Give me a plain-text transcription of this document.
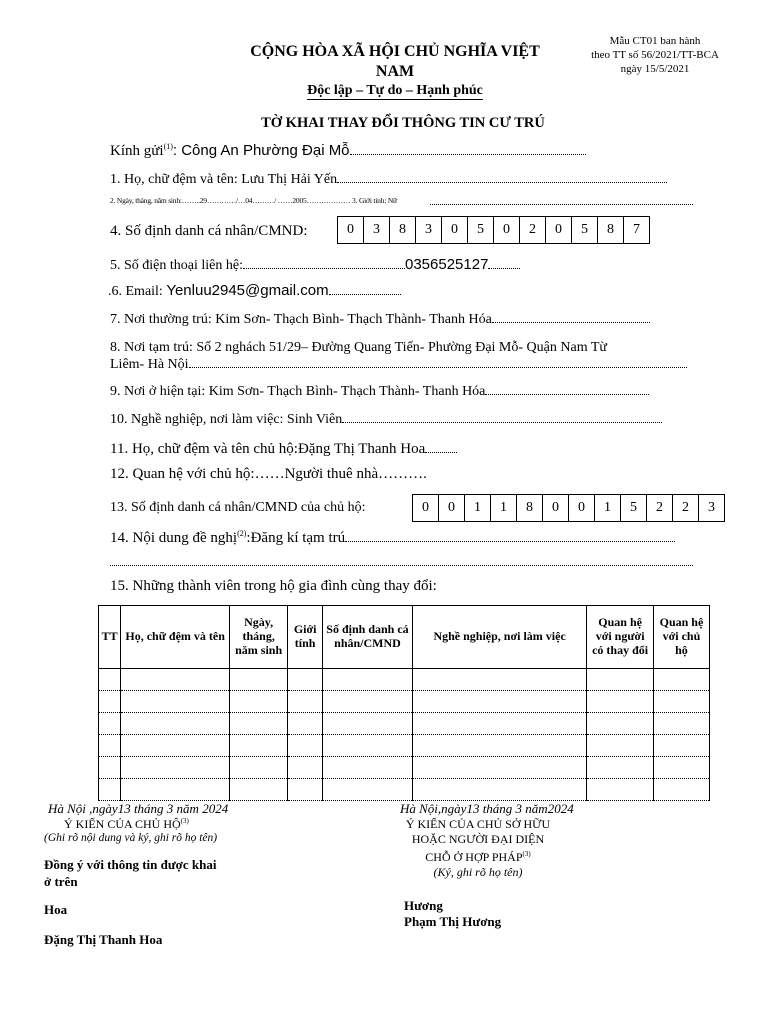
Mẫu CT01 ban hành
theo TT số 56/2021/TT-BCA
ngày 15/5/2021
CỘNG HÒA XÃ HỘI CHỦ NGHĨA VIỆT
NAM
Độc lập – Tự do – Hạnh phúc
TỜ KHAI THAY ĐỔI THÔNG TIN CƯ TRÚ
Kính gửi$^{(1)}$: Công An Phường Đại Mỗ
1. Họ, chữ đệm và tên: Lưu Thị Hải Yến
2. Ngày, tháng, năm sinh:……..29…………/…04………/ ……2005……………… 3. Giới tính: Nữ
4. Số định danh cá nhân/CMND:	0	3	8	3	0	5	0	2	0	5	8	7
5. Số điện thoại liên hệ:	0356525127
.6. Email: Yenluu2945@gmail.com
7. Nơi thường trú: Kim Sơn- Thạch Bình- Thạch Thành- Thanh Hóa
8. Nơi tạm trú: Số 2 nghách 51/29– Đường Quang Tiến- Phường Đại Mỗ- Quận Nam Từ
Liêm- Hà Nội
9. Nơi ở hiện tại: Kim Sơn- Thạch Bình- Thạch Thành- Thanh Hóa
10. Nghề nghiệp, nơi làm việc: Sinh Viên
11. Họ, chữ đệm và tên chủ hộ:Đặng Thị Thanh Hoa
12. Quan hệ với chủ hộ:……Người thuê nhà……….
13. Số định danh cá nhân/CMND của chủ hộ:	0	0	1	1	8	0	0	1	5	2	2	3
14. Nội dung đề nghị$^{(2)}$:Đăng kí tạm trú
15. Những thành viên trong hộ gia đình cùng thay đổi:
TT	Họ, chữ đệm và tên	Ngày, tháng, năm sinh	Giới tính	Số định danh cá nhân/CMND	Nghề nghiệp, nơi làm việc	Quan hệ với người có thay đổi	Quan hệ với chủ hộ

Hà Nội ,ngày13 tháng 3 năm 2024
Ý KIẾN CỦA CHỦ HỘ$^{(3)}$
(Ghi rõ nội dung và ký, ghi rõ họ tên)
Đồng ý với thông tin được khai ở trên
Hoa
Đặng Thị Thanh Hoa
Hà Nội,ngày13 tháng 3 năm2024
Ý KIẾN CỦA CHỦ SỞ HỮU
HOẶC NGƯỜI ĐẠI DIỆN
CHỖ Ở HỢP PHÁP$^{(3)}$
(Ký, ghi rõ họ tên)
Hương
Phạm Thị Hương
